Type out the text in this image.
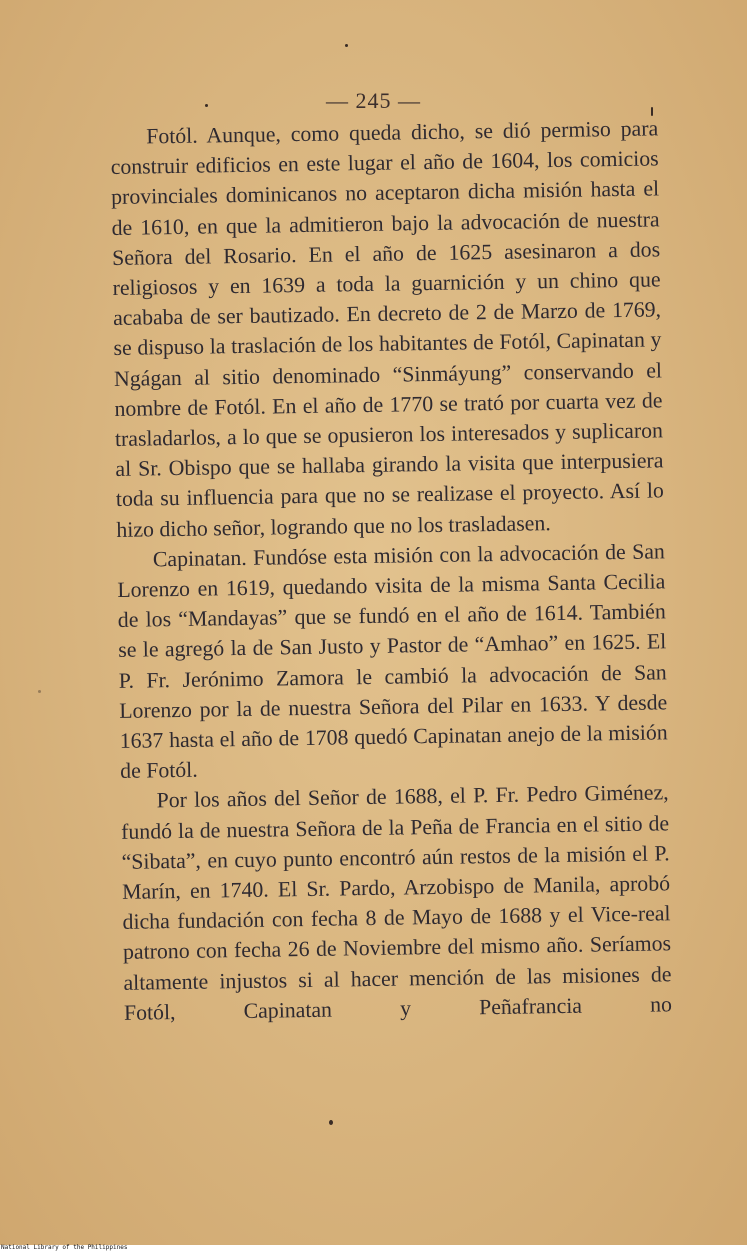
— 245 —

Fotól. Aunque, como queda dicho, se dió permiso para construir edificios en este lugar el año de 1604, los comicios provinciales dominicanos no aceptaron dicha misión hasta el de 1610, en que la admitieron bajo la advocación de nuestra Señora del Rosario. En el año de 1625 asesinaron a dos religiosos y en 1639 a toda la guarnición y un chino que acababa de ser bautizado. En decreto de 2 de Marzo de 1769, se dispuso la traslación de los habitantes de Fotól, Capinatan y Ngágan al sitio denominado “Sinmáyung” conservando el nombre de Fotól. En el año de 1770 se trató por cuarta vez de trasladarlos, a lo que se opusieron los interesados y suplicaron al Sr. Obispo que se hallaba girando la visita que interpusiera toda su influencia para que no se realizase el proyecto. Así lo hizo dicho señor, logrando que no los trasladasen.

Capinatan. Fundóse esta misión con la advocación de San Lorenzo en 1619, quedando visita de la misma Santa Cecilia de los “Mandayas” que se fundó en el año de 1614. También se le agregó la de San Justo y Pastor de “Amhao” en 1625. El P. Fr. Jerónimo Zamora le cambió la advocación de San Lorenzo por la de nuestra Señora del Pilar en 1633. Y desde 1637 hasta el año de 1708 quedó Capinatan anejo de la misión de Fotól.

Por los años del Señor de 1688, el P. Fr. Pedro Giménez, fundó la de nuestra Señora de la Peña de Francia en el sitio de “Sibata”, en cuyo punto encontró aún restos de la misión el P. Marín, en 1740. El Sr. Pardo, Arzobispo de Manila, aprobó dicha fundación con fecha 8 de Mayo de 1688 y el Vice-real patrono con fecha 26 de Noviembre del mismo año. Seríamos altamente injustos si al hacer mención de las misiones de Fotól, Capinatan y Peñafrancia no

National Library of the Philippines
